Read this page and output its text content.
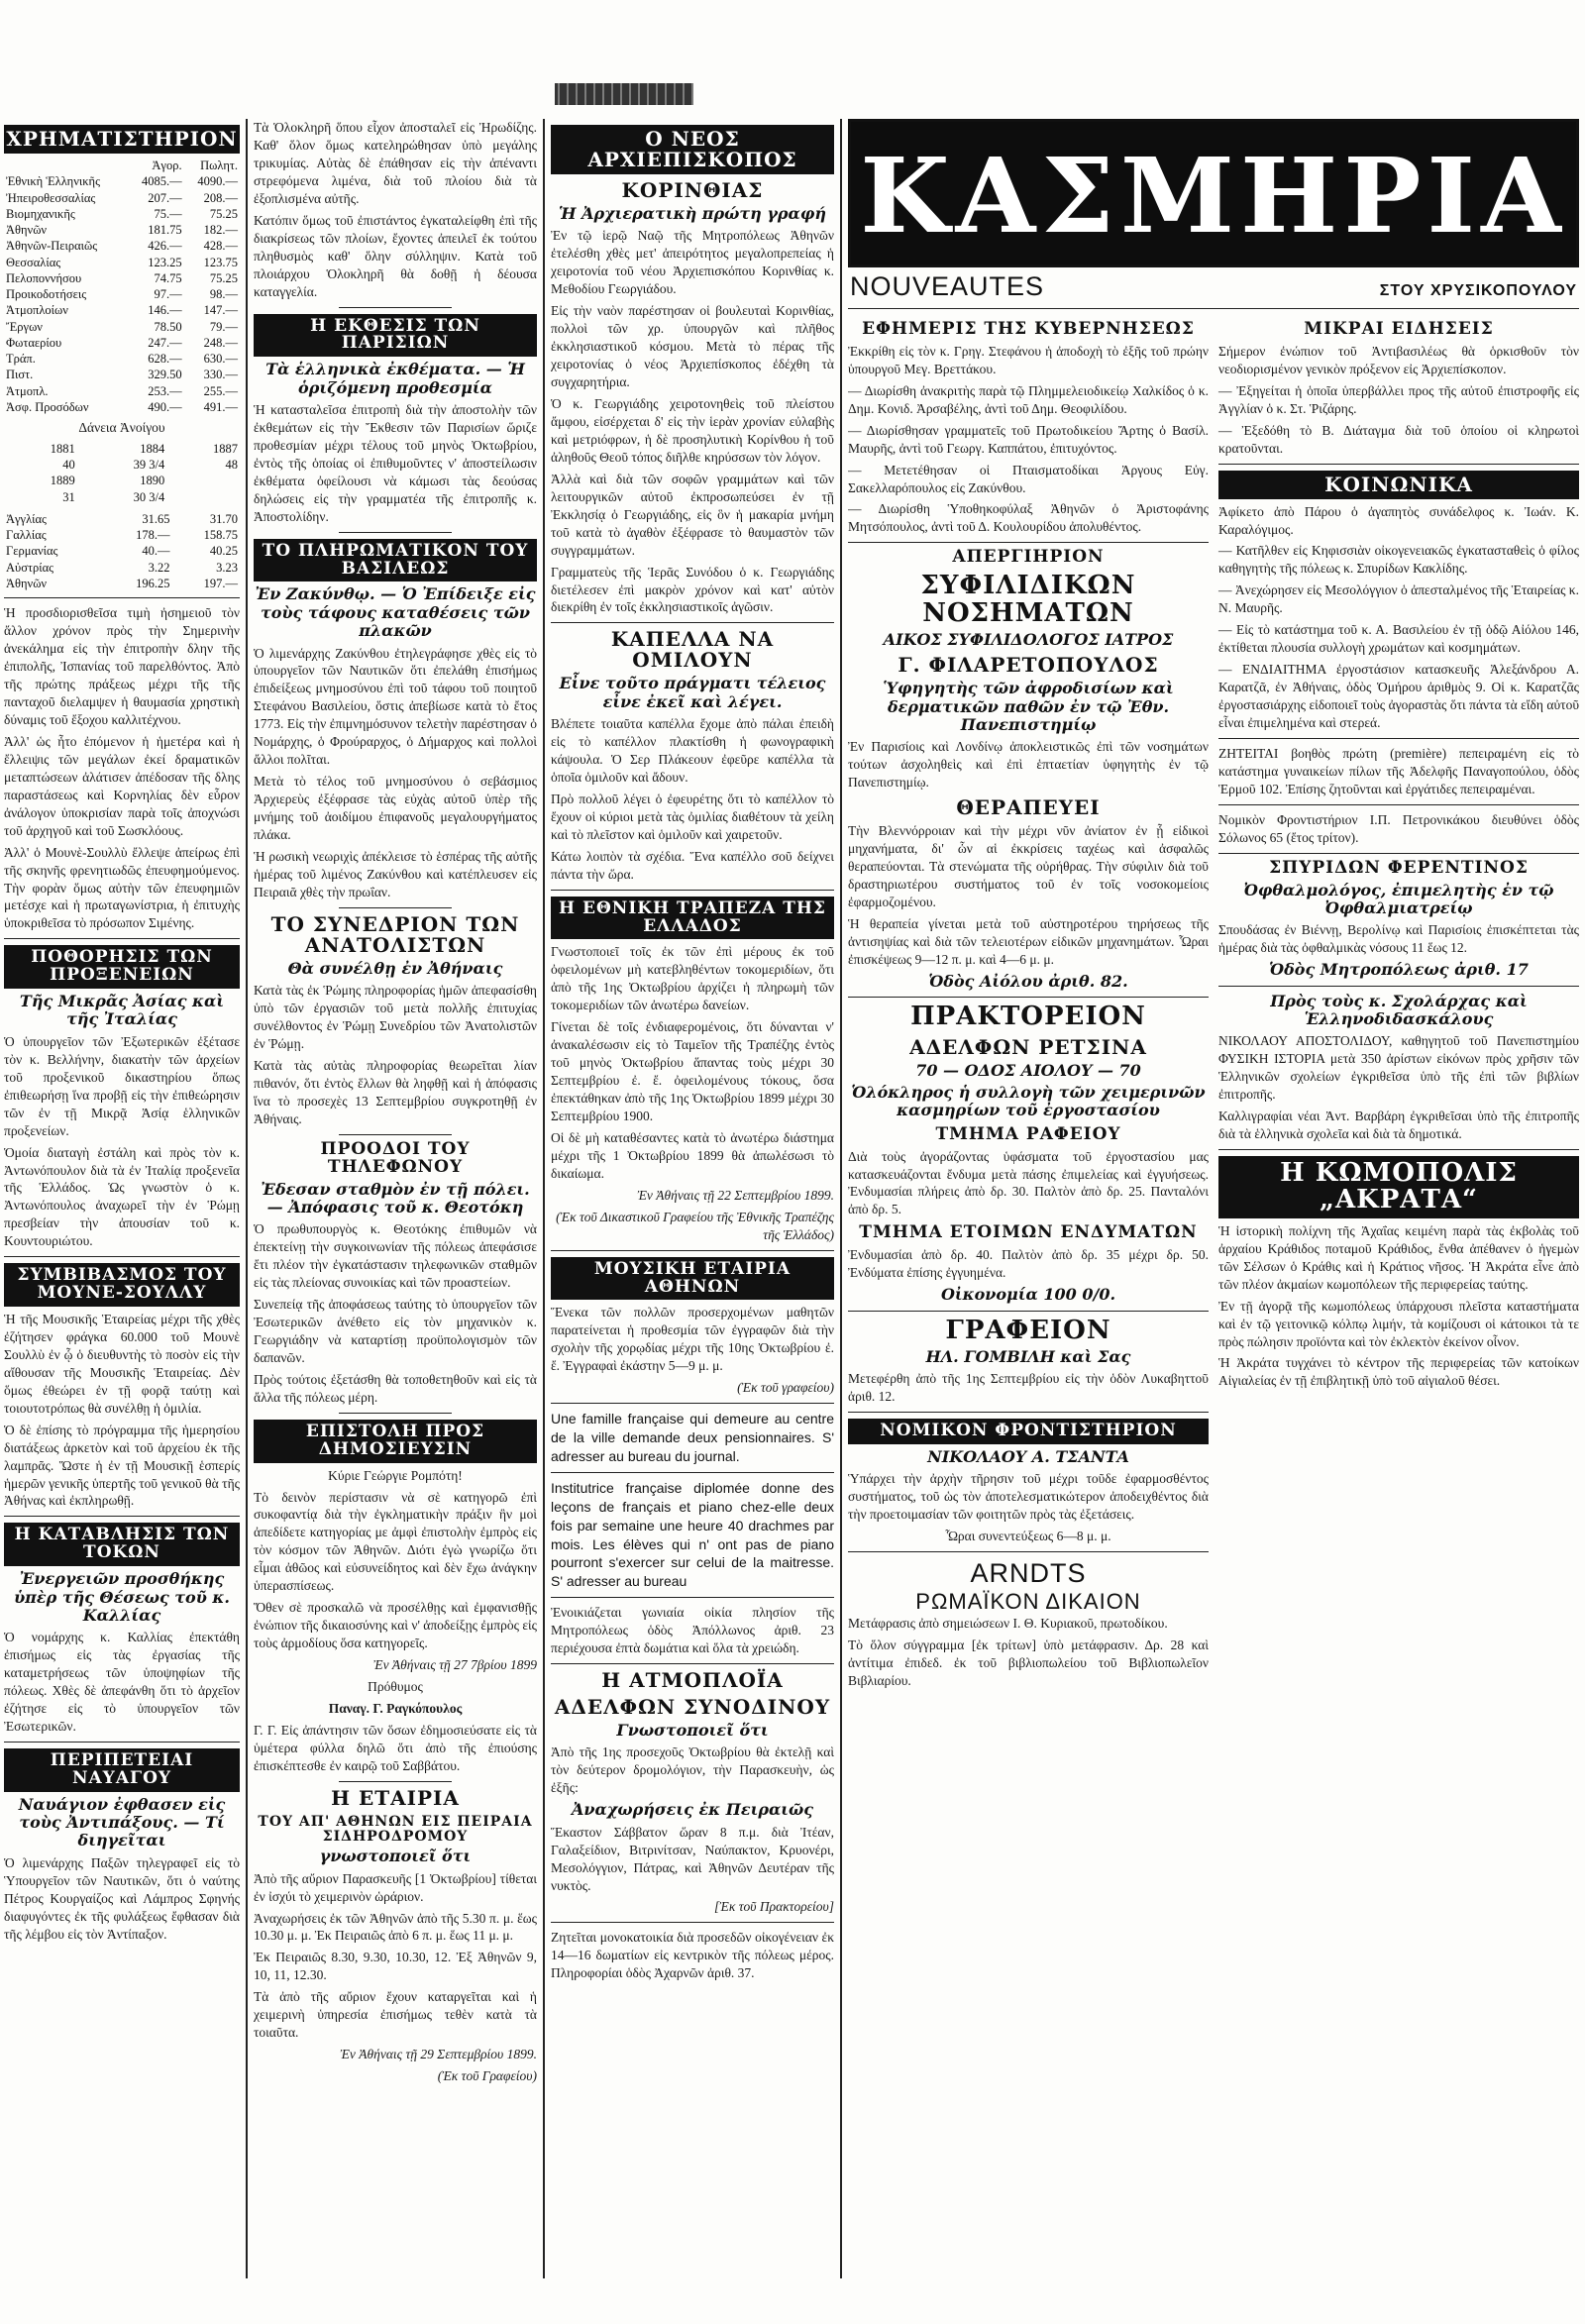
ΧΡΗΜΑΤΙΣΤΗΡΙΟΝ
	Ἀγορ.	Πωλητ.
Ἐθνικὴ Ἑλληνικῆς	4085.—	4090.—
Ἠπειροθεσσαλίας	207.—	208.—
Βιομηχανικῆς	75.—	75.25
Ἀθηνῶν	181.75	182.—
Ἀθηνῶν-Πειραιῶς	426.—	428.—
Θεσσαλίας	123.25	123.75
Πελοποννήσου	74.75	75.25
Προικοδοτήσεις	97.—	98.—
Ἀτμοπλοίων	146.—	147.—
Ἔργων	78.50	79.—
Φωταερίου	247.—	248.—
Τράπ.	628.—	630.—
Πιστ.	329.50	330.—
Ἀτμοπλ.	253.—	255.—
Ἀσφ. Προσόδων	490.—	491.—
Δάνεια Ἀνοίγου
1881	1884	1887
40	39 3/4	48
1889	1890	
31	30 3/4	
Ἀγγλίας	31.65	31.70
Γαλλίας	178.—	158.75
Γερμανίας	40.—	40.25
Αὐστρίας	3.22	3.23
Ἀθηνῶν	196.25	197.—
Ἡ προσδιορισθεῖσα τιμὴ ἠσημειοῦ τὸν ἄλλον χρόνον πρὸς τὴν Σημερινὴν ἀνεκάλημα εἰς τὴν ἐπιτροπὴν δλην τῆς ἐπιπολῆς, Ἰσπανίας τοῦ παρελθόντος. Ἀπὸ τῆς πρώτης πράξεως μέχρι τῆς τῆς πανταχοῦ διελαμψεν ἡ θαυμασία χρηστικὴ δύναμις τοῦ ἔξοχου καλλιτέχνου.
Ἀλλ' ὡς ἦτο ἐπόμενον ἡ ἡμετέρα καὶ ἡ ἔλλειψις τῶν μεγάλων ἐκεί δραματικῶν μεταπτώσεων ἀλάτισεν ἀπέδοσαν τῆς δλης παραστάσεως καὶ Κορνηλίας δὲν εὗρον ἀνάλογον ὑποκρισίαν παρὰ τοῖς ἀποχνώσι τοῦ ἀρχηγοῦ καὶ τοῦ Σωσκλόους.
Ἀλλ' ὁ Μουνὲ-Σουλλὺ ἔλλεψε ἀπείρως ἐπὶ τῆς σκηνῆς φρενητιωδῶς ἐπευφημούμενος. Τὴν φορὰν ὅμως αὐτὴν τῶν ἐπευφημιῶν μετέσχε καὶ ἡ πρωταγωνίστρια, ἡ ἐπιτυχὴς ὑποκριθεῖσα τὸ πρόσωπον Σιμένης.
ΠΟΘΟΡΗΣΙΣ ΤΩΝ ΠΡΟΞΕΝΕΙΩΝ
Τῆς Μικρᾶς Ἀσίας καὶ τῆς Ἰταλίας
Ὁ ὑπουργεῖον τῶν Ἐξωτερικῶν ἐξέτασε τὸν κ. Βελλήνην, διακατὴν τῶν ἀρχείων τοῦ προξενικοῦ δικαστηρίου ὅπως ἐπιθεωρήσῃ ἵνα προβῇ εἰς τὴν ἐπιθεώρησιν τῶν ἐν τῇ Μικρᾷ Ἀσίᾳ ἑλληνικῶν προξενείων.
Ὁμοία διαταγὴ ἐστάλη καὶ πρὸς τὸν κ. Ἀντωνόπουλον διὰ τὰ ἐν Ἰταλίᾳ προξενεῖα τῆς Ἑλλάδος. Ὡς γνωστὸν ὁ κ. Ἀντωνόπουλος ἀναχωρεῖ τὴν ἐν Ῥώμῃ πρεσβείαν τὴν ἀπουσίαν τοῦ κ. Κουντουριώτου.
ΣΥΜΒΙΒΑΣΜΟΣ ΤΟΥ ΜΟΥΝΕ-ΣΟΥΛΛΥ
Ἡ τῆς Μουσικῆς Ἑταιρείας μέχρι τῆς χθὲς ἐζήτησεν φράγκα 60.000 τοῦ Μουνὲ Σουλλὺ ἐν ᾧ ὁ διευθυντὴς τὸ ποσὸν εἰς τὴν αἴθουσαν τῆς Μουσικῆς Ἑταιρείας. Δὲν ὅμως ἐθεώρει ἐν τῇ φορᾷ ταύτῃ καὶ τοιουτοτρόπως θὰ συνέλθῃ ἡ ὁμιλία.
Ὁ δὲ ἐπίσης τὸ πρόγραμμα τῆς ἡμερησίου διατάξεως ἀρκετὸν καὶ τοῦ ἀρχείου ἐκ τῆς λαμπρᾶς. Ὥστε ἡ ἐν τῇ Μουσικῇ ἑσπερίς ἡμερῶν γενικῆς ὑπερτῆς τοῦ γενικοῦ θὰ τῆς Ἀθήνας καὶ ἐκπληρωθῇ.
Η ΚΑΤΑΒΛΗΣΙΣ ΤΩΝ ΤΟΚΩΝ
Ἐνεργειῶν προσθήκης ὑπὲρ τῆς Θέσεως τοῦ κ. Καλλίας
Ὁ νομάρχης κ. Καλλίας ἐπεκτάθη ἐπισήμως εἰς τὰς ἐργασίας τῆς καταμετρήσεως τῶν ὑποψηφίων τῆς πόλεως. Χθὲς δὲ ἀπεφάνθη ὅτι τὸ ἀρχεῖον ἐζήτησε εἰς τὸ ὑπουργεῖον τῶν Ἐσωτερικῶν.
ΠΕΡΙΠΕΤΕΙΑΙ ΝΑΥΑΓΟΥ
Ναυάγιον ἐφθασεν εἰς τοὺς Ἀντιπάξους. — Τί διηγεῖται
Ὁ λιμενάρχης Παξῶν τηλεγραφεῖ εἰς τὸ Ὑπουργεῖον τῶν Ναυτικῶν, ὅτι ὁ ναύτης Πέτρος Κουργαίζος καὶ Λάμπρος Σφηνής διαφυγόντες ἐκ τῆς φυλάξεως ἔφθασαν διὰ τῆς λέμβου εἰς τὸν Ἀντίπαξον.
Τὰ Ὁλοκληρῆ ὅπου εἶχον ἀποσταλεῖ εἰς Ἠρωδίζης. Καθ' ὅλον ὅμως κατεληρώθησαν ὑπὸ μεγάλης τρικυμίας. Αὐτὰς δὲ ἐπάθησαν εἰς τὴν ἀπέναντι στρεφόμενα λιμένα, διὰ τοῦ πλοίου διὰ τὰ ἐξοπλισμένα αὐτῆς.
Κατόπιν ὅμως τοῦ ἐπιστάντος ἐγκαταλείφθη ἐπὶ τῆς διακρίσεως τῶν πλοίων, ἔχοντες ἀπειλεῖ ἐκ τούτου πληθυσμὸς καθ' ὅλην σύλληψιν. Κατὰ τοῦ πλοιάρχου Ὁλοκληρῆ θὰ δοθῇ ἡ δέουσα καταγγελία.
Η ΕΚΘΕΣΙΣ ΤΩΝ ΠΑΡΙΣΙΩΝ
Τὰ ἑλληνικὰ ἐκθέματα. — Ἡ ὁριζόμενη προθεσμία
Ἡ κατασταλεῖσα ἐπιτροπὴ διὰ τὴν ἀποστολὴν τῶν ἐκθεμάτων εἰς τὴν Ἔκθεσιν τῶν Παρισίων ὥριζε προθεσμίαν μέχρι τέλους τοῦ μηνὸς Ὀκτωβρίου, ἐντὸς τῆς ὁποίας οἱ ἐπιθυμοῦντες ν' ἀποστείλωσιν ἐκθέματα ὀφείλουσι νὰ κάμωσι τὰς δεούσας δηλώσεις εἰς τὴν γραμματέα τῆς ἐπιτροπῆς κ. Ἀποστολίδην.
ΤΟ ΠΛΗΡΩΜΑΤΙΚΟΝ ΤΟΥ ΒΑΣΙΛΕΩΣ
Ἐν Ζακύνθῳ. — Ὁ Ἐπίδειξε εἰς τοὺς τάφους καταθέσεις τῶν πλακῶν
Ὁ λιμενάρχης Ζακύνθου ἐτηλεγράφησε χθὲς εἰς τὸ ὑπουργεῖον τῶν Ναυτικῶν ὅτι ἐπελάθη ἐπισήμως ἐπιδείξεως μνημοσύνου ἐπὶ τοῦ τάφου τοῦ ποιητοῦ Στεφάνου Βασιλείου, ὅστις ἀπεβίωσε κατὰ τὸ ἔτος 1773. Εἰς τὴν ἐπιμνημόσυνον τελετὴν παρέστησαν ὁ Νομάρχης, ὁ Φρούραρχος, ὁ Δήμαρχος καὶ πολλοὶ ἄλλοι πολῖται.
Μετὰ τὸ τέλος τοῦ μνημοσύνου ὁ σεβάσμιος Ἀρχιερεὺς ἐξέφρασε τὰς εὐχὰς αὐτοῦ ὑπὲρ τῆς μνήμης τοῦ ἀοιδίμου ἐπιφανοῦς μεγαλουργήματος πλάκα.
Ἡ ρωσικὴ νεωριχὶς ἀπέκλεισε τὸ ἑσπέρας τῆς αὐτῆς ἡμέρας τοῦ λιμένος Ζακύνθου καὶ κατέπλευσεν εἰς Πειραιᾶ χθὲς τὴν πρωΐαν.
ΤΟ ΣΥΝΕΔΡΙΟΝ ΤΩΝ ΑΝΑΤΟΛΙΣΤΩΝ
Θὰ συνέλθῃ ἐν Ἀθήναις
Κατὰ τὰς ἐκ Ῥώμης πληροφορίας ἡμῶν ἀπεφασίσθη ὑπὸ τῶν ἐργασιῶν τοῦ μετὰ πολλῆς ἐπιτυχίας συνέλθοντος ἐν Ῥώμῃ Συνεδρίου τῶν Ἀνατολιστῶν ἐν Ῥώμῃ.
Κατὰ τὰς αὐτὰς πληροφορίας θεωρεῖται λίαν πιθανόν, ὅτι ἐντὸς ἕλλων θὰ ληφθῇ καὶ ἡ ἀπόφασις ἵνα τὸ προσεχὲς 13 Σεπτεμβρίου συγκροτηθῇ ἐν Ἀθήναις.
ΠΡΟΟΔΟΙ ΤΟΥ ΤΗΛΕΦΩΝΟΥ
Ἐδεσαν σταθμὸν ἐν τῇ πόλει. — Ἀπόφασις τοῦ κ. Θεοτόκη
Ὁ πρωθυπουργὸς κ. Θεοτόκης ἐπιθυμῶν νὰ ἐπεκτείνῃ τὴν συγκοινωνίαν τῆς πόλεως ἀπεφάσισε ἔτι πλέον τὴν ἐγκατάστασιν τηλεφωνικῶν σταθμῶν εἰς τὰς πλείονας συνοικίας καὶ τῶν προαστείων.
Συνεπείᾳ τῆς ἀποφάσεως ταύτης τὸ ὑπουργεῖον τῶν Ἐσωτερικῶν ἀνέθετο εἰς τὸν μηχανικὸν κ. Γεωργιάδην νὰ καταρτίσῃ προϋπολογισμὸν τῶν δαπανῶν.
Πρὸς τούτοις ἐξετάσθη θὰ τοποθετηθοῦν καὶ εἰς τὰ ἄλλα τῆς πόλεως μέρη.
ΕΠΙΣΤΟΛΗ ΠΡΟΣ ΔΗΜΟΣΙΕΥΣΙΝ
Κύριε Γεώργιε Ρομπότη!
Τὸ δεινὸν περίστασιν νὰ σὲ κατηγορῶ ἐπὶ συκοφαντίᾳ διὰ τὴν ἐγκληματικὴν πράξιν ἣν μοὶ ἀπεδίδετε κατηγορίας με ἀμφὶ ἐπιστολὴν ἐμπρὸς εἰς τὸν κόσμον τῶν Ἀθηνῶν. Διότι ἐγὼ γνωρίζω ὅτι εἶμαι ἀθῶος καὶ εὐσυνείδητος καὶ δὲν ἔχω ἀνάγκην ὑπερασπίσεως.
Ὅθεν σὲ προσκαλῶ νὰ προσέλθῃς καὶ ἐμφανισθῇς ἐνώπιον τῆς δικαιοσύνης καὶ ν' ἀποδείξῃς ἐμπρὸς εἰς τοὺς ἀρμοδίους ὅσα κατηγορεῖς.
Ἐν Ἀθήναις τῇ 27 7βρίου 1899
Πρόθυμος
Παναγ. Γ. Ραγκόπουλος
Γ. Γ. Εἰς ἀπάντησιν τῶν ὅσων ἐδημοσιεύσατε εἰς τὰ ὑμέτερα φύλλα δηλῶ ὅτι ἀπὸ τῆς ἐπιούσης ἐπισκέπτεσθε ἐν καιρῷ τοῦ Σαββάτου.
Η ΕΤΑΙΡΙΑ
ΤΟΥ ΑΠ' ΑΘΗΝΩΝ ΕΙΣ ΠΕΙΡΑΙΑ ΣΙΔΗΡΟΔΡΟΜΟΥ
γνωστοποιεῖ ὅτι
Ἀπὸ τῆς αὔριον Παρασκευῆς [1 Ὀκτωβρίου] τίθεται ἐν ἰσχύι τὸ χειμερινὸν ὡράριον.
Ἀναχωρήσεις ἐκ τῶν Ἀθηνῶν ἀπὸ τῆς 5.30 π. μ. ἕως 10.30 μ. μ. Ἐκ Πειραιῶς ἀπὸ 6 π. μ. ἕως 11 μ. μ.
Ἐκ Πειραιῶς 8.30, 9.30, 10.30, 12. Ἐξ Ἀθηνῶν 9, 10, 11, 12.30.
Τὰ ἀπὸ τῆς αὔριον ἔχουν καταργεῖται καὶ ἡ χειμερινὴ ὑπηρεσία ἐπισήμως τεθὲν κατὰ τὰ τοιαῦτα.
Ἐν Ἀθήναις τῇ 29 Σεπτεμβρίου 1899.
(Ἐκ τοῦ Γραφείου)
Ο ΝΕΟΣ ΑΡΧΙΕΠΙΣΚΟΠΟΣ
ΚΟΡΙΝΘΙΑΣ
Ἡ Ἀρχιερατικὴ πρώτη γραφή
Ἐν τῷ ἱερῷ Ναῷ τῆς Μητροπόλεως Ἀθηνῶν ἐτελέσθη χθὲς μετ' ἀπειρότητος μεγαλοπρεπείας ἡ χειροτονία τοῦ νέου Ἀρχιεπισκόπου Κορινθίας κ. Μεθοδίου Γεωργιάδου.
Εἰς τὴν ναὸν παρέστησαν οἱ βουλευταὶ Κορινθίας, πολλοὶ τῶν χρ. ὑπουργῶν καὶ πλῆθος ἐκκλησιαστικοῦ κόσμου. Μετὰ τὸ πέρας τῆς χειροτονίας ὁ νέος Ἀρχιεπίσκοπος ἐδέχθη τὰ συγχαρητήρια.
Ὁ κ. Γεωργιάδης χειροτονηθεὶς τοῦ πλείστου ἄμφου, εἰσέρχεται δ' εἰς τὴν ἱερὰν χρονίαν εὐλαβὴς καὶ μετριόφρων, ἡ δὲ προσηλυτικὴ Κορίνθου ἡ τοῦ ἀληθοῦς Θεοῦ τόπος διῆλθε κηρύσσων τὸν λόγον.
Ἀλλὰ καὶ διὰ τῶν σοφῶν γραμμάτων καὶ τῶν λειτουργικῶν αὐτοῦ ἐκπροσωπεύσει ἐν τῇ Ἐκκλησίᾳ ὁ Γεωργιάδης, εἰς ὃν ἡ μακαρία μνήμη τοῦ κατὰ τὸ ἀγαθὸν ἐξέφρασε τὸ θαυμαστὸν τῶν συγγραμμάτων.
Γραμματεὺς τῆς Ἱερᾶς Συνόδου ὁ κ. Γεωργιάδης διετέλεσεν ἐπὶ μακρὸν χρόνον καὶ κατ' αὐτὸν διεκρίθη ἐν τοῖς ἐκκλησιαστικοῖς ἀγῶσιν.
ΚΑΠΕΛΛΑ ΝΑ ΟΜΙΛΟΥΝ
Εἶνε τοῦτο πράγματι τέλειος εἶνε ἐκεῖ καὶ λέγει.
Βλέπετε τοιαῦτα καπέλλα ἔχομε ἀπὸ πάλαι ἐπειδὴ εἰς τὸ καπέλλον πλακτίσθη ἡ φωνογραφικὴ κάψουλα. Ὁ Σερ Πλάκεουν ἐφεῦρε καπέλλα τὰ ὁποῖα ὁμιλοῦν καὶ ἄδουν.
Πρὸ πολλοῦ λέγει ὁ ἐφευρέτης ὅτι τὸ καπέλλον τὸ ἔχουν οἱ κύριοι μετὰ τὰς ὀμιλίας διαθέτουν τὰ χείλη καὶ τὸ πλεῖστον καὶ ὁμιλοῦν καὶ χαιρετοῦν.
Κάτω λοιπὸν τὰ σχέδια. Ἕνα καπέλλο σοῦ δείχνει πάντα τὴν ὥρα.
Η ΕΘΝΙΚΗ ΤΡΑΠΕΖΑ ΤΗΣ ΕΛΛΑΔΟΣ
Γνωστοποιεῖ τοῖς ἐκ τῶν ἐπὶ μέρους ἐκ τοῦ ὀφειλομένων μὴ κατεβληθέντων τοκομεριδίων, ὅτι ἀπὸ τῆς 1ης Ὀκτωβρίου ἀρχίζει ἡ πληρωμὴ τῶν τοκομεριδίων τῶν ἀνωτέρω δανείων.
Γίνεται δὲ τοῖς ἐνδιαφερομένοις, ὅτι δύνανται ν' ἀνακαλέσωσιν εἰς τὸ Ταμεῖον τῆς Τραπέζης ἐντὸς τοῦ μηνὸς Ὀκτωβρίου ἅπαντας τοὺς μέχρι 30 Σεπτεμβρίου ἐ. ἔ. ὀφειλομένους τόκους, ὅσα ἐπεκτάθηκαν ἀπὸ τῆς 1ης Ὀκτωβρίου 1899 μέχρι 30 Σεπτεμβρίου 1900.
Οἱ δὲ μὴ καταθέσαντες κατὰ τὸ ἀνωτέρω διάστημα μέχρι τῆς 1 Ὀκτωβρίου 1899 θὰ ἀπωλέσωσι τὸ δικαίωμα.
Ἐν Ἀθήναις τῇ 22 Σεπτεμβρίου 1899.
(Ἐκ τοῦ Δικαστικοῦ Γραφείου τῆς Ἐθνικῆς Τραπέζης τῆς Ἑλλάδος)
ΜΟΥΣΙΚΗ ΕΤΑΙΡΙΑ ΑΘΗΝΩΝ
Ἕνεκα τῶν πολλῶν προσερχομένων μαθητῶν παρατείνεται ἡ προθεσμία τῶν ἐγγραφῶν διὰ τὴν σχολὴν τῆς χορῳδίας μέχρι τῆς 10ης Ὀκτωβρίου ἐ. ἔ. Ἐγγραφαὶ ἐκάστην 5—9 μ. μ.
(Ἐκ τοῦ γραφείου)
Une famille française qui demeure au centre de la ville demande deux pensionnaires. S' adresser au bureau du journal.
Institutrice française diplomée donne des leçons de français et piano chez-elle deux fois par semaine une heure 40 drachmes par mois. Les élèves qui n' ont pas de piano pourront s'exercer sur celui de la maitresse. S' adresser au bureau
Ἐνοικιάζεται γωνιαία οἰκία πλησίον τῆς Μητροπόλεως ὁδὸς Ἀπόλλωνος ἀριθ. 23 περιέχουσα ἐπτὰ δωμάτια καὶ ὅλα τὰ χρειώδη.
Η ΑΤΜΟΠΛΟΪΑ
ΑΔΕΛΦΩΝ ΣΥΝΟΔΙΝΟΥ
Γνωστοποιεῖ ὅτι
Ἀπὸ τῆς 1ης προσεχοῦς Ὀκτωβρίου θὰ ἐκτελῇ καὶ τὸν δεύτερον δρομολόγιον, τὴν Παρασκευὴν, ὡς ἐξῆς:
Ἀναχωρήσεις ἐκ Πειραιῶς
Ἕκαστον Σάββατον ὥραν 8 π.μ. διὰ Ἰτέαν, Γαλαξείδιον, Βιτρινίτσαν, Ναύπακτον, Κρυονέρι, Μεσολόγγιον, Πάτρας, καὶ Ἀθηνῶν Δευτέραν τῆς νυκτὸς.
[Ἐκ τοῦ Πρακτορείου]
Ζητεῖται μονοκατοικία διὰ προσεδῶν οἰκογένειαν ἐκ 14—16 δωματίων εἰς κεντρικὸν τῆς πόλεως μέρος. Πληροφορίαι ὁδὸς Ἀχαρνῶν ἀριθ. 37.
ΚΑΣΜΗΡΙΑ
NOUVEAUTES	ΣΤΟΥ ΧΡΥΣΙΚΟΠΟΥΛΟΥ
ΕΦΗΜΕΡΙΣ ΤΗΣ ΚΥΒΕΡΝΗΣΕΩΣ
Ἐκκρίθη εἰς τὸν κ. Γρηγ. Στεφάνου ἡ ἀποδοχὴ τὸ ἐξῆς τοῦ πρώην ὑπουργοῦ Μεγ. Βρεττάκου.
— Διωρίσθη ἀνακριτὴς παρὰ τῷ Πλημμελειοδικείῳ Χαλκίδος ὁ κ. Δημ. Κονιδ. Ἀρσαβέλης, ἀντὶ τοῦ Δημ. Θεοφιλίδου.
— Διωρίσθησαν γραμματεῖς τοῦ Πρωτοδικείου Ἄρτης ὁ Βασίλ. Μαυρῆς, ἀντὶ τοῦ Γεωργ. Καππάτου, ἐπιτυχόντος.
— Μετετέθησαν οἱ Πταισματοδίκαι Ἀργους Εὐγ. Σακελλαρόπουλος εἰς Ζακύνθου.
— Διωρίσθη Ὑποθηκοφύλαξ Ἀθηνῶν ὁ Ἀριστοφάνης Μητσόπουλος, ἀντὶ τοῦ Δ. Κουλουρίδου ἀπολυθέντος.
ΑΠΕΡΓΙΗΡΙΟΝ
ΣΥΦΙΛΙΔΙΚΩΝ ΝΟΣΗΜΑΤΩΝ
ΑΙΚΟΣ ΣΥΦΙΛΙΔΟΛΟΓΟΣ ΙΑΤΡΟΣ
Γ. ΦΙΛΑΡΕΤΟΠΟΥΛΟΣ
Ὑφηγητὴς τῶν ἀφροδισίων καὶ δερματικῶν παθῶν ἐν τῷ Ἐθν. Πανεπιστημίῳ
Ἐν Παρισίοις καὶ Λονδίνῳ ἀποκλειστικῶς ἐπὶ τῶν νοσημάτων τούτων ἀσχοληθεὶς καὶ ἐπὶ ἑπταετίαν ὑφηγητὴς ἐν τῷ Πανεπιστημίῳ.
ΘΕΡΑΠΕΥΕΙ
Τὴν Βλεννόρροιαν καὶ τὴν μέχρι νῦν ἀνίατον ἐν ᾗ εἰδικοὶ μηχανήματα, δι' ὧν αἱ ἐκκρίσεις ταχέως καὶ ἀσφαλῶς θεραπεύονται. Τὰ στενώματα τῆς οὐρήθρας. Τὴν σύφιλιν διὰ τοῦ δραστηριωτέρου συστήματος τοῦ ἐν τοῖς νοσοκομείοις ἐφαρμοζομένου.
Ἡ θεραπεία γίνεται μετὰ τοῦ αὐστηροτέρου τηρήσεως τῆς ἀντισηψίας καὶ διὰ τῶν τελειοτέρων εἰδικῶν μηχανημάτων. Ὧραι ἐπισκέψεως 9—12 π. μ. καὶ 4—6 μ. μ.
Ὁδὸς Αἰόλου ἀριθ. 82.
ΠΡΑΚΤΟΡΕΙΟΝ
ΑΔΕΛΦΩΝ ΡΕΤΣΙΝΑ
70 — ΟΔΟΣ ΑΙΟΛΟΥ — 70
Ὁλόκληρος ἡ συλλογὴ τῶν χειμερινῶν κασμηρίων τοῦ ἐργοστασίου
ΤΜΗΜΑ ΡΑΦΕΙΟΥ
Διὰ τοὺς ἀγοράζοντας ὑφάσματα τοῦ ἐργοστασίου μας κατασκευάζονται ἔνδυμα μετὰ πάσης ἐπιμελείας καὶ ἐγγυήσεως. Ἐνδυμασίαι πλήρεις ἀπὸ δρ. 30. Παλτὸν ἀπὸ δρ. 25. Πανταλόνι ἀπὸ δρ. 5.
ΤΜΗΜΑ ΕΤΟΙΜΩΝ ΕΝΔΥΜΑΤΩΝ
Ἐνδυμασίαι ἀπὸ δρ. 40. Παλτὸν ἀπὸ δρ. 35 μέχρι δρ. 50. Ἐνδύματα ἐπίσης ἐγγυημένα.
Οἰκονομία 100 0/0.
ΓΡΑΦΕΙΟΝ
ΗΛ. ΓΟΜΒΙΛΗ καὶ Σας
Μετεφέρθη ἀπὸ τῆς 1ης Σεπτεμβρίου εἰς τὴν ὁδὸν Λυκαβηττοῦ ἀριθ. 12.
ΝΟΜΙΚΟΝ ΦΡΟΝΤΙΣΤΗΡΙΟΝ
ΝΙΚΟΛΑΟΥ Α. ΤΣΑΝΤΑ
Ὑπάρχει τὴν ἀρχὴν τῆρησιν τοῦ μέχρι τοῦδε ἐφαρμοσθέντος συστήματος, τοῦ ὡς τὸν ἀποτελεσματικώτερον ἀποδειχθέντος διὰ τὴν προετοιμασίαν τῶν φοιτητῶν πρὸς τὰς ἐξετάσεις.
Ὧραι συνεντεύξεως 6—8 μ. μ.
ARNDTS
ΡΩΜΑΪΚΟΝ ΔΙΚΑΙΟΝ
Μετάφρασις ἀπὸ σημειώσεων Ι. Θ. Κυριακοῦ, πρωτοδίκου.
Τὸ ὅλον σύγγραμμα [ἐκ τρίτων] ὑπὸ μετάφρασιν. Δρ. 28 καὶ ἀντίτιμα ἐπιδεδ. ἐκ τοῦ βιβλιοπωλείου τοῦ Βιβλιοπωλεῖον Βιβλιαρίου.
ΜΙΚΡΑΙ ΕΙΔΗΣΕΙΣ
Σήμερον ἐνώπιον τοῦ Ἀντιβασιλέως θὰ ὁρκισθοῦν τὸν νεοδιορισμένον γενικὸν πρόξενον εἰς Ἀρχιεπίσκοπον.
— Ἐξηγείται ἡ ὁποῖα ὑπερβάλλει προς τῆς αὐτοῦ ἐπιστροφῆς εἰς Ἀγγλίαν ὁ κ. Στ. Ῥιζάρης.
— Ἐξεδόθη τὸ Β. Διάταγμα διὰ τοῦ ὁποίου οἱ κληρωτοὶ κρατοῦνται.
ΚΟΙΝΩΝΙΚΑ
Ἀφίκετο ἀπὸ Πάρου ὁ ἀγαπητὸς συνάδελφος κ. Ἰωάν. Κ. Καραλόγιμος.
— Κατῆλθεν εἰς Κηφισσιὰν οἰκογενειακῶς ἐγκατασταθεὶς ὁ φίλος καθηγητὴς τῆς πόλεως κ. Σπυρίδων Κακλίδης.
— Ἀνεχώρησεν εἰς Μεσολόγγιον ὁ ἀπεσταλμένος τῆς Ἑταιρείας κ. Ν. Μαυρῆς.
— Εἰς τὸ κατάστημα τοῦ κ. Α. Βασιλείου ἐν τῇ ὁδῷ Αἰόλου 146, ἐκτίθεται πλουσία συλλογὴ χρωμάτων καὶ κοσμημάτων.
— ΕΝΔΙΑΙΤΗΜΑ ἐργοστάσιον κατασκευῆς Ἀλεξάνδρου Α. Καρατζᾶ, ἐν Ἀθήναις, ὁδὸς Ὁμήρου ἀριθμὸς 9. Οἱ κ. Καρατζᾶς ἐργοστασιάρχης εἰδοποιεῖ τοὺς ἀγοραστὰς ὅτι πάντα τὰ εἴδη αὐτοῦ εἶναι ἐπιμελημένα καὶ στερεά.
ΖΗΤΕΙΤΑΙ βοηθὸς πρώτη (première) πεπειραμένη εἰς τὸ κατάστημα γυναικείων πίλων τῆς Ἀδελφῆς Παναγοπούλου, ὁδὸς Ἑρμοῦ 102. Ἐπίσης ζητοῦνται καὶ ἐργάτιδες πεπειραμέναι.
Νομικὸν Φροντιστήριον Ι.Π. Πετρονικάκου διευθύνει ὁδὸς Σόλωνος 65 (ἔτος τρίτον).
ΣΠΥΡΙΔΩΝ ΦΕΡΕΝΤΙΝΟΣ
Ὀφθαλμολόγος, ἐπιμελητὴς ἐν τῷ Ὀφθαλμιατρείῳ
Σπουδάσας ἐν Βιέννῃ, Βερολίνῳ καὶ Παρισίοις ἐπισκέπτεται τὰς ἡμέρας διὰ τὰς ὀφθαλμικὰς νόσους 11 ἕως 12.
Ὁδὸς Μητροπόλεως ἀριθ. 17
Πρὸς τοὺς κ. Σχολάρχας καὶ Ἑλληνοδιδασκάλους
ΝΙΚΟΛΑΟΥ ΑΠΟΣΤΟΛΙΔΟΥ, καθηγητοῦ τοῦ Πανεπιστημίου ΦΥΣΙΚΗ ΙΣΤΟΡΙΑ μετὰ 350 ἀρίστων εἰκόνων πρὸς χρῆσιν τῶν Ἑλληνικῶν σχολείων ἐγκριθεῖσα ὑπὸ τῆς ἐπὶ τῶν βιβλίων ἐπιτροπῆς.
Καλλιγραφίαι νέαι Ἀντ. Βαρβάρη ἐγκριθεῖσαι ὑπὸ τῆς ἐπιτροπῆς διὰ τὰ ἑλληνικὰ σχολεῖα καὶ διὰ τὰ δημοτικά.
Η ΚΩΜΟΠΟΛΙΣ „ΑΚΡΑΤΑ“
Ἡ ἱστορικὴ πολίχνη τῆς Ἀχαΐας κειμένη παρὰ τὰς ἐκβολὰς τοῦ ἀρχαίου Κράθιδος ποταμοῦ Κράθιδος, ἔνθα ἀπέθανεν ὁ ἡγεμὼν τῶν Σέλσων ὁ Κράθις καὶ ἡ Κράτιος νῆσος. Ἡ Ἀκράτα εἶνε ἀπὸ τῶν πλέον ἀκμαίων κωμοπόλεων τῆς περιφερείας ταύτης.
Ἐν τῇ ἀγορᾷ τῆς κωμοπόλεως ὑπάρχουσι πλεῖστα καταστήματα καὶ ἐν τῷ γειτονικῷ κόλπῳ λιμήν, τὰ κομίζουσι οἱ κάτοικοι τὰ τε πρὸς πώλησιν προϊόντα καὶ τὸν ἐκλεκτὸν ἐκείνον οἶνον.
Ἡ Ἀκράτα τυγχάνει τὸ κέντρον τῆς περιφερείας τῶν κατοίκων Αἰγιαλείας ἐν τῇ ἐπιβλητικῇ ὑπὸ τοῦ αἰγιαλοῦ θέσει.
